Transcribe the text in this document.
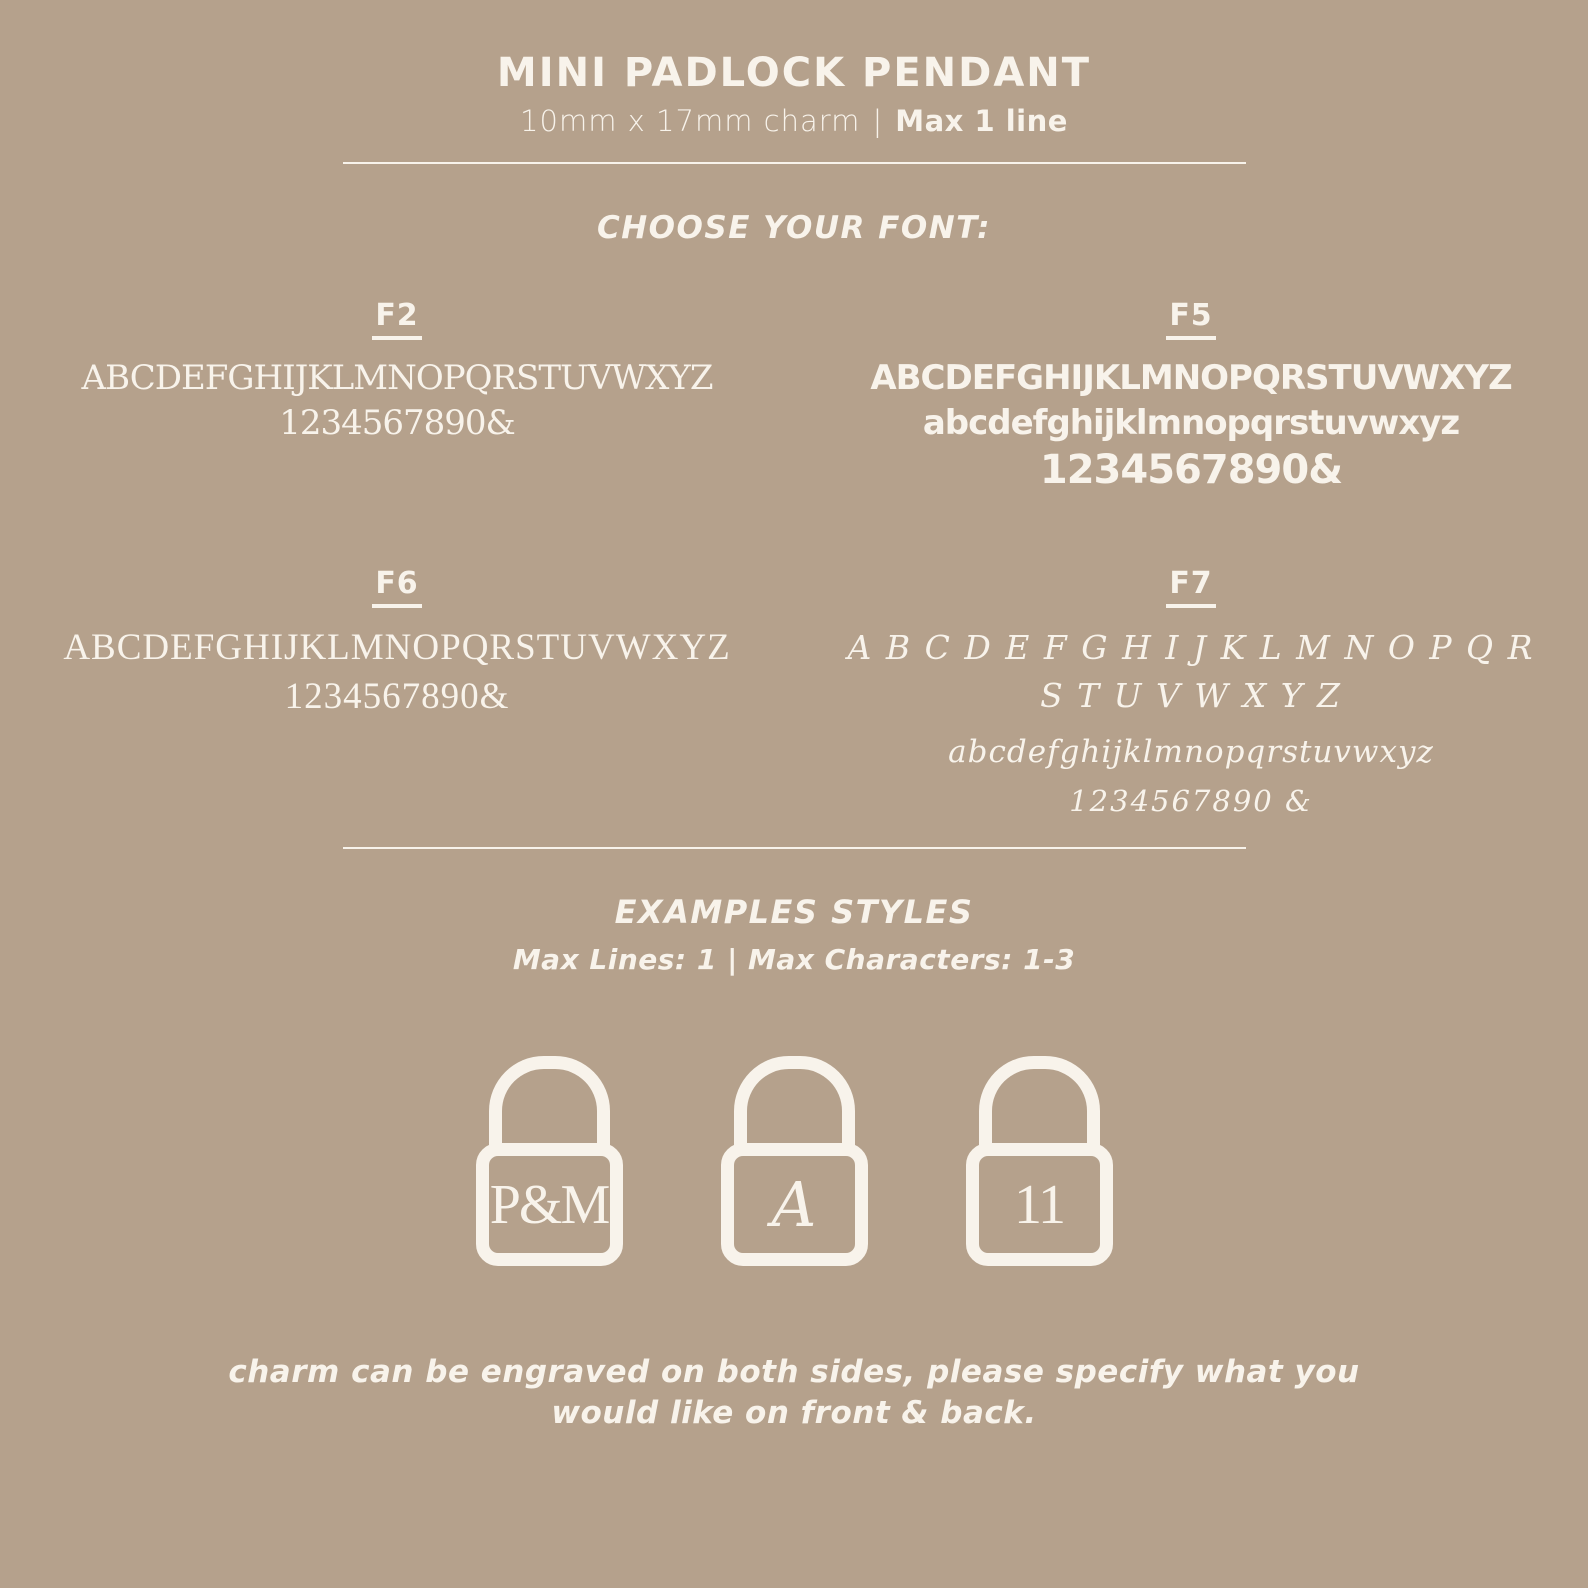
MINI PADLOCK PENDANT

10mm x 17mm charm | Max 1 line

CHOOSE YOUR FONT:
F2
ABCDEFGHIJKLMNOPQRSTUVWXYZ
1234567890&
F5
ABCDEFGHIJKLMNOPQRSTUVWXYZ
abcdefghijklmnopqrstuvwxyz
1234567890&
F6
ABCDEFGHIJKLMNOPQRSTUVWXYZ
1234567890&
F7
A B C D E F G H I J K L M N O P Q R
S T U V W X Y Z
abcdefghijklmnopqrstuvwxyz
1234567890 &
EXAMPLES STYLES

Max Lines: 1 | Max Characters: 1-3

P&M	A	11

charm can be engraved on both sides, please specify what you

would like on front & back.
